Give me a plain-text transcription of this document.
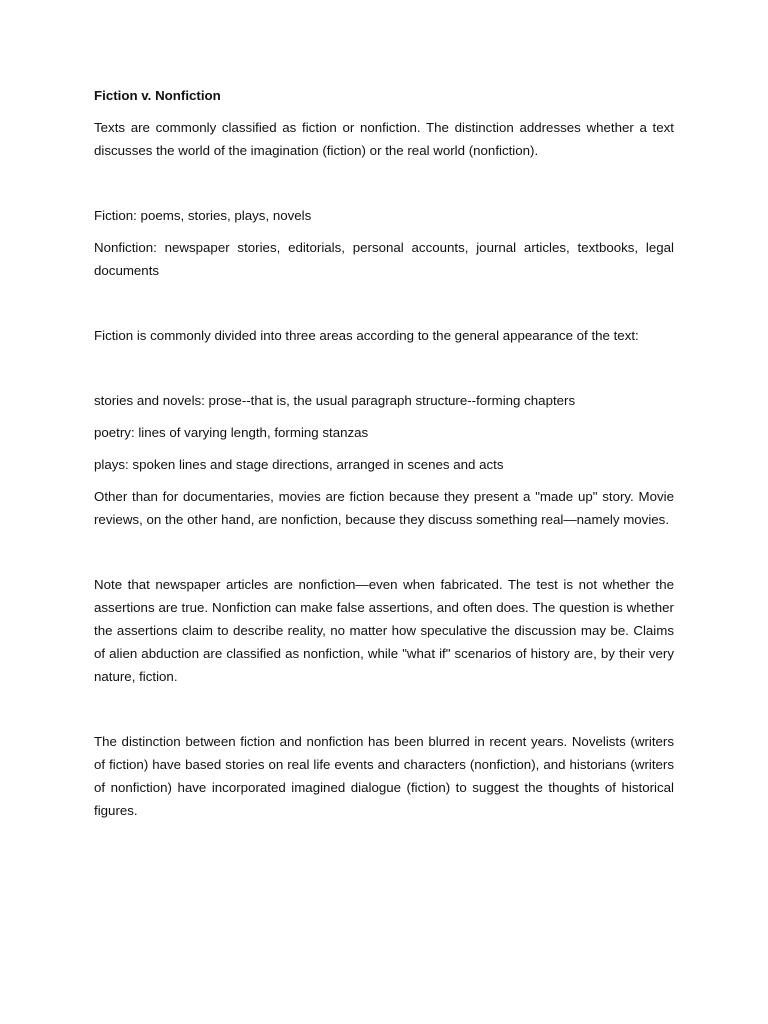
Fiction v. Nonfiction

Texts are commonly classified as fiction or nonfiction. The distinction addresses whether a text discusses the world of the imagination (fiction) or the real world (nonfiction).

Fiction: poems, stories, plays, novels

Nonfiction: newspaper stories, editorials, personal accounts, journal articles, textbooks, legal documents

Fiction is commonly divided into three areas according to the general appearance of the text:

stories and novels: prose--that is, the usual paragraph structure--forming chapters

poetry: lines of varying length, forming stanzas

plays: spoken lines and stage directions, arranged in scenes and acts

Other than for documentaries, movies are fiction because they present a "made up" story. Movie reviews, on the other hand, are nonfiction, because they discuss something real—namely movies.

Note that newspaper articles are nonfiction—even when fabricated. The test is not whether the assertions are true. Nonfiction can make false assertions, and often does. The question is whether the assertions claim to describe reality, no matter how speculative the discussion may be. Claims of alien abduction are classified as nonfiction, while "what if" scenarios of history are, by their very nature, fiction.

The distinction between fiction and nonfiction has been blurred in recent years. Novelists (writers of fiction) have based stories on real life events and characters (nonfiction), and historians (writers of nonfiction) have incorporated imagined dialogue (fiction) to suggest the thoughts of historical figures.
